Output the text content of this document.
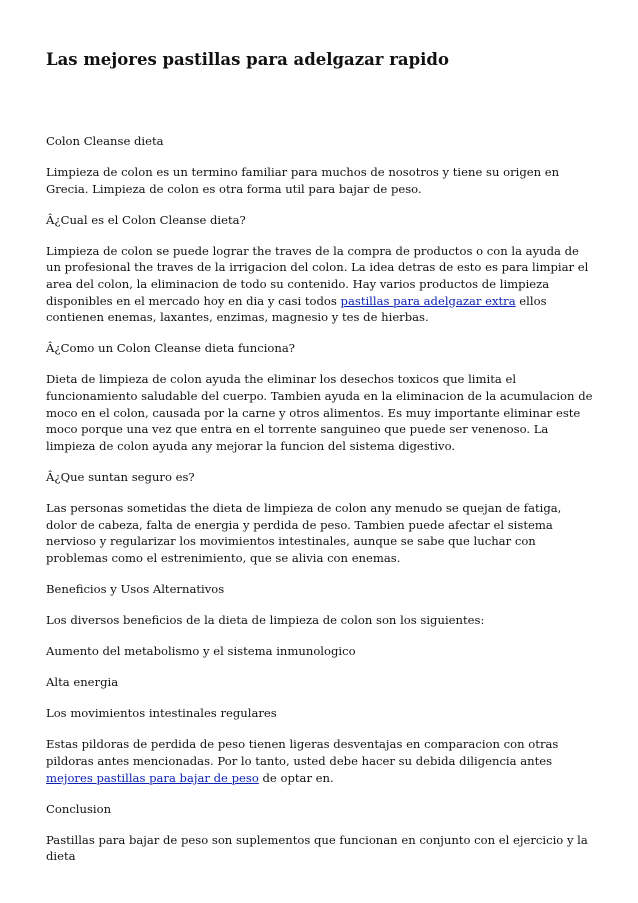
Las mejores pastillas para adelgazar rapido

Colon Cleanse dieta

Limpieza de colon es un termino familiar para muchos de nosotros y tiene su origen en Grecia. Limpieza de colon es otra forma util para bajar de peso.

Â¿Cual es el Colon Cleanse dieta?

Limpieza de colon se puede lograr the traves de la compra de productos o con la ayuda de un profesional the traves de la irrigacion del colon. La idea detras de esto es para limpiar el area del colon, la eliminacion de todo su contenido. Hay varios productos de limpieza disponibles en el mercado hoy en dia y casi todos pastillas para adelgazar extra ellos contienen enemas, laxantes, enzimas, magnesio y tes de hierbas.

Â¿Como un Colon Cleanse dieta funciona?

Dieta de limpieza de colon ayuda the eliminar los desechos toxicos que limita el funcionamiento saludable del cuerpo. Tambien ayuda en la eliminacion de la acumulacion de moco en el colon, causada por la carne y otros alimentos. Es muy importante eliminar este moco porque una vez que entra en el torrente sanguineo que puede ser venenoso. La limpieza de colon ayuda any mejorar la funcion del sistema digestivo.

Â¿Que suntan seguro es?

Las personas sometidas the dieta de limpieza de colon any menudo se quejan de fatiga, dolor de cabeza, falta de energia y perdida de peso. Tambien puede afectar el sistema nervioso y regularizar los movimientos intestinales, aunque se sabe que luchar con problemas como el estrenimiento, que se alivia con enemas.

Beneficios y Usos Alternativos

Los diversos beneficios de la dieta de limpieza de colon son los siguientes:

Aumento del metabolismo y el sistema inmunologico

Alta energia

Los movimientos intestinales regulares

Estas pildoras de perdida de peso tienen ligeras desventajas en comparacion con otras pildoras antes mencionadas. Por lo tanto, usted debe hacer su debida diligencia antes mejores pastillas para bajar de peso de optar en.

Conclusion

Pastillas para bajar de peso son suplementos que funcionan en conjunto con el ejercicio y la dieta
